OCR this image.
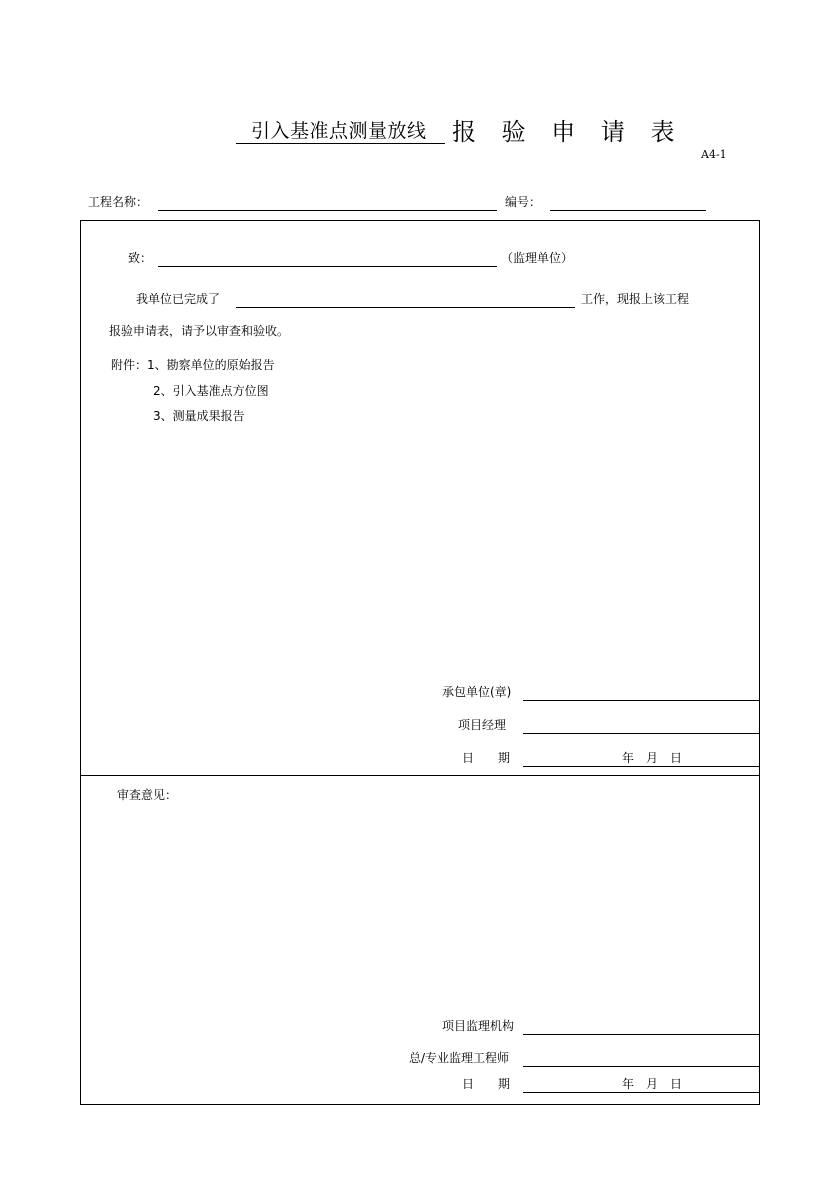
引入基准点测量放线 报 验 申 请 表
A4-1
工程名称：	编号：
致：	（监理单位）
我单位已完成了	工作，现报上该工程
报验申请表，请予以审查和验收。
附件：1、勘察单位的原始报告
2、引入基准点方位图
3、测量成果报告
承包单位(章)
项目经理
日　　期	年　月　日
审查意见：
项目监理机构
总/专业监理工程师
日　　期	年　月　日
